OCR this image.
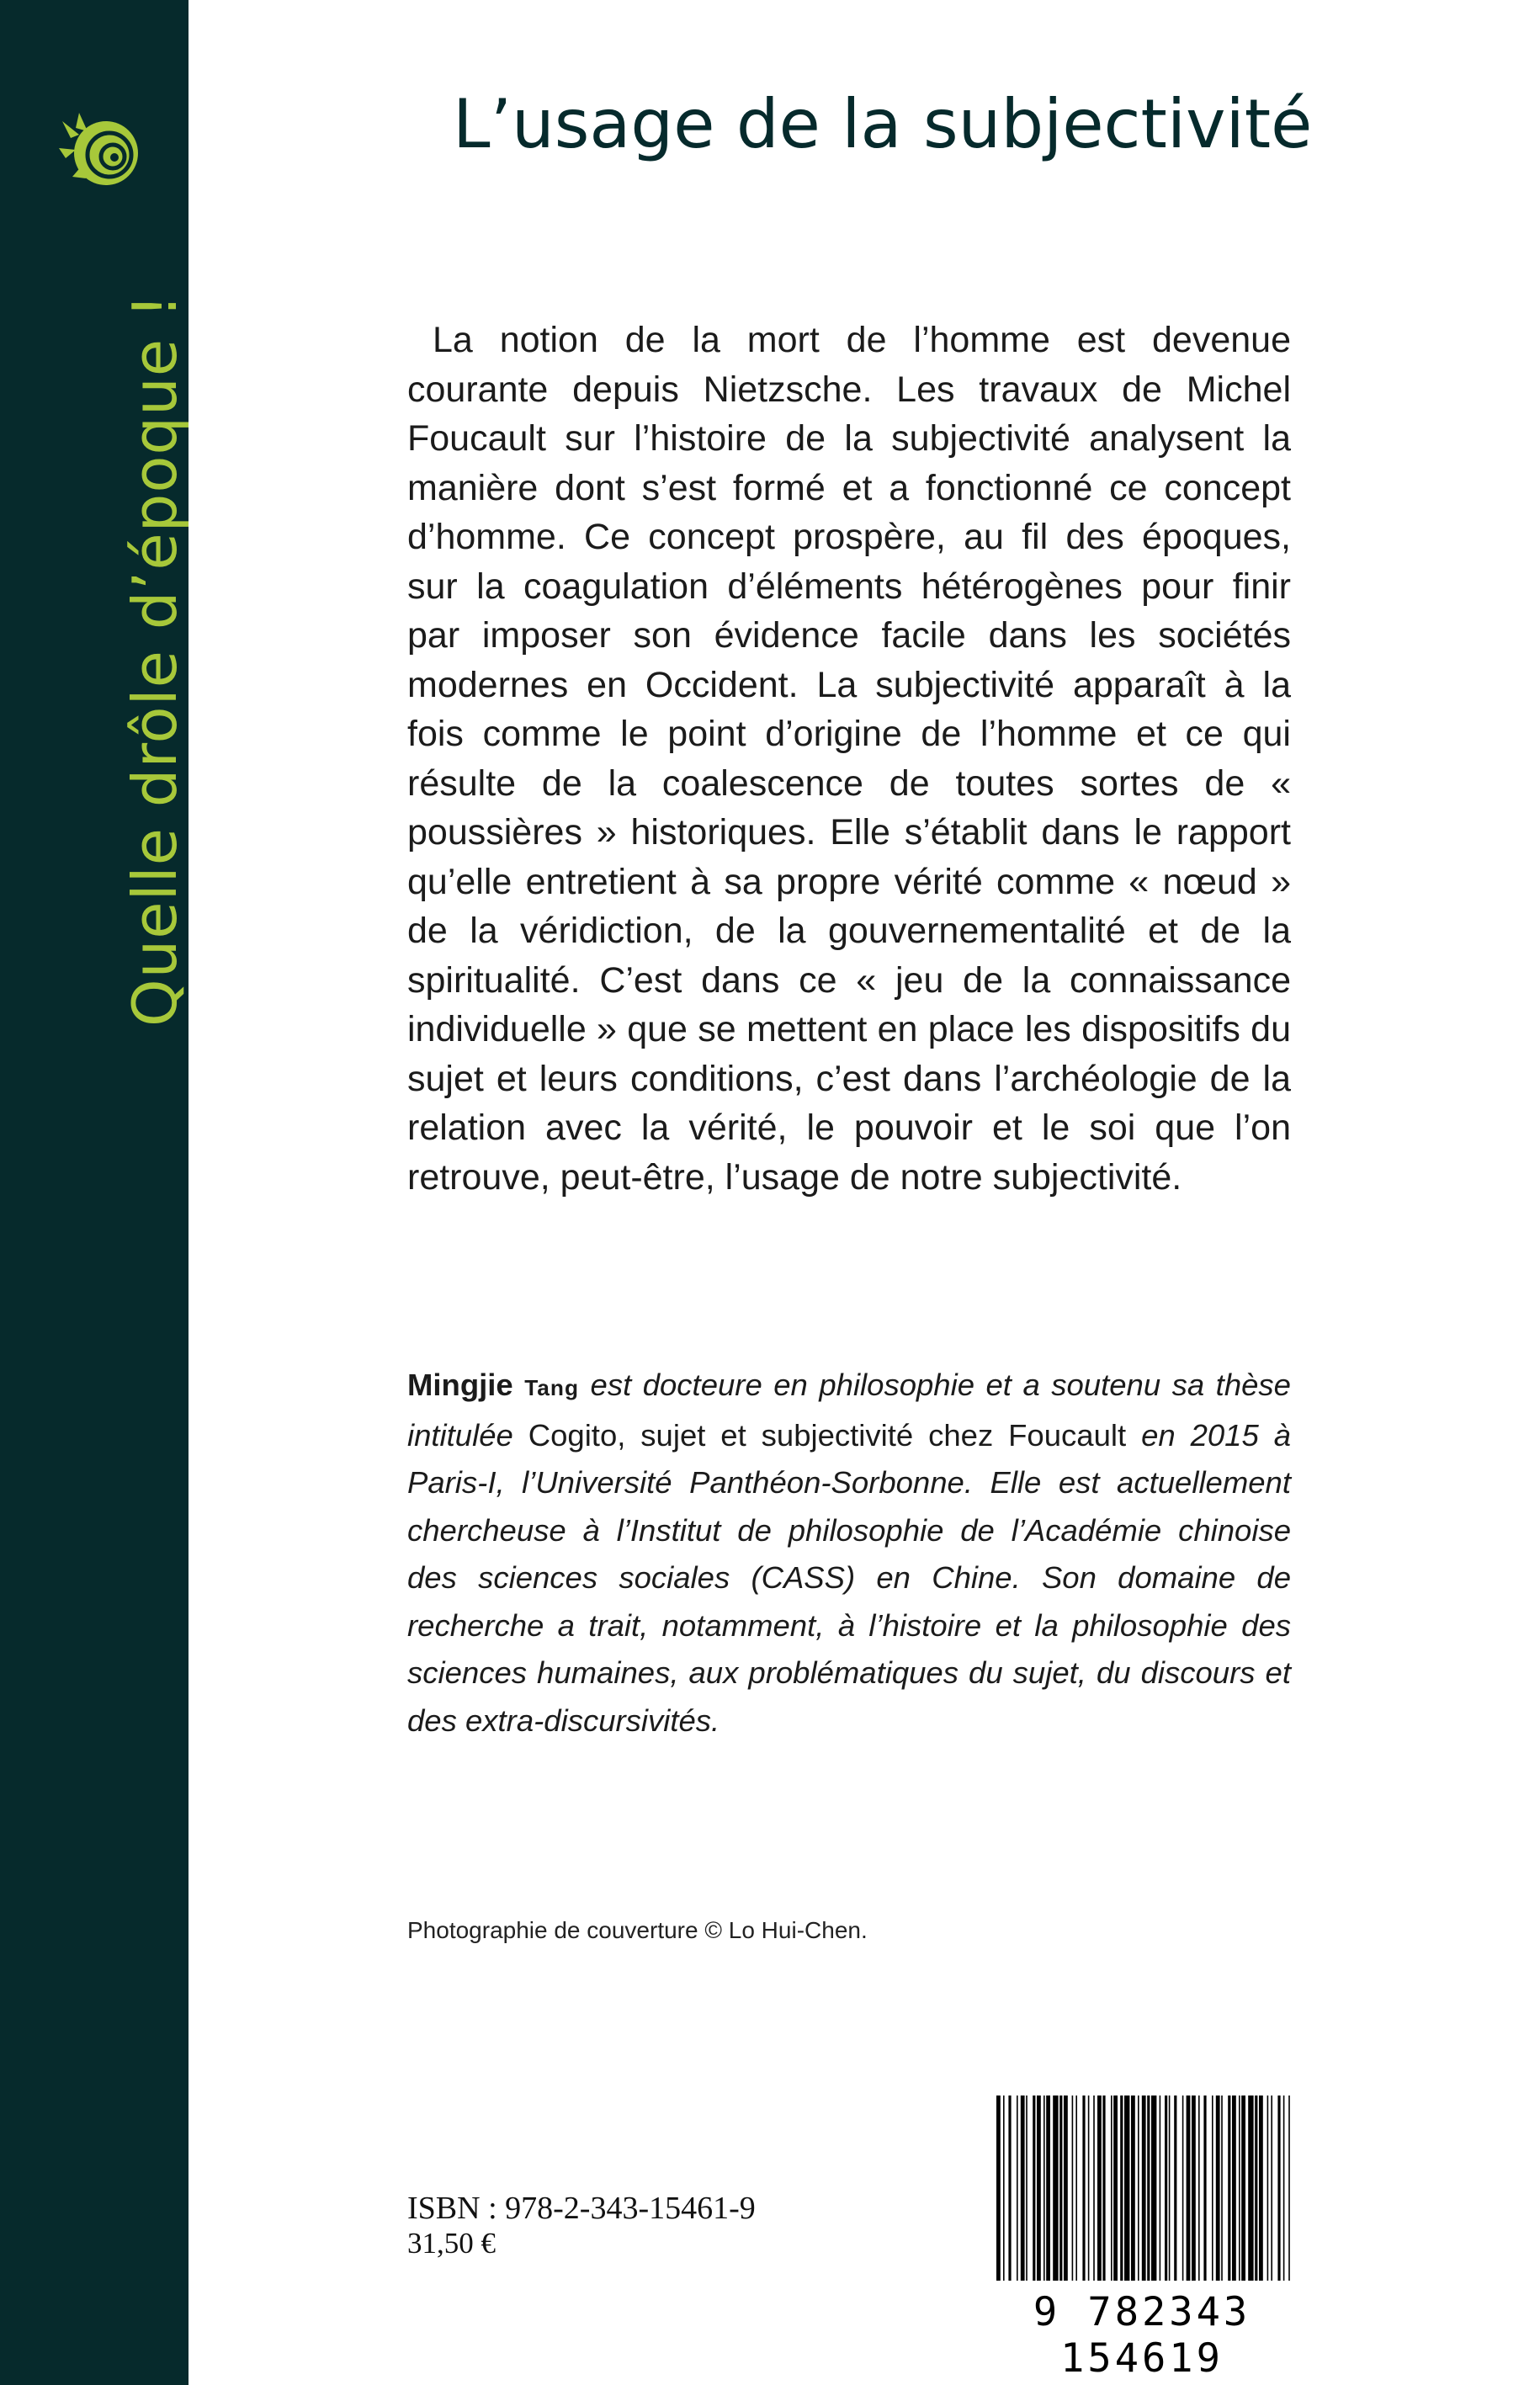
Quelle drôle d’époque !
L’usage de la subjectivité

La notion de la mort de l’homme est devenue courante depuis Nietzsche. Les travaux de Michel Foucault sur l’histoire de la subjectivité analysent la manière dont s’est formé et a fonctionné ce concept d’homme. Ce concept prospère, au fil des époques, sur la coagulation d’éléments hétérogènes pour finir par imposer son évidence facile dans les sociétés modernes en Occident. La subjectivité apparaît à la fois comme le point d’origine de l’homme et ce qui résulte de la coalescence de toutes sortes de « poussières » historiques. Elle s’établit dans le rapport qu’elle entretient à sa propre vérité comme « nœud » de la véridiction, de la gouvernementalité et de la spiritualité. C’est dans ce « jeu de la connaissance individuelle » que se mettent en place les dispositifs du sujet et leurs conditions, c’est dans l’archéologie de la relation avec la vérité, le pouvoir et le soi que l’on retrouve, peut-être, l’usage de notre subjectivité.

Mingjie Tang est docteure en philosophie et a soutenu sa thèse intitulée Cogito, sujet et subjectivité chez Foucault en 2015 à Paris-I, l’Université Panthéon-Sorbonne. Elle est actuellement chercheuse à l’Institut de philosophie de l’Académie chinoise des sciences sociales (CASS) en Chine. Son domaine de recherche a trait, notamment, à l’histoire et la philosophie des sciences humaines, aux problématiques du sujet, du discours et des extra-discursivités.

Photographie de couverture © Lo Hui-Chen.

ISBN : 978-2-343-15461-9
31,50 €
9 782343 154619
